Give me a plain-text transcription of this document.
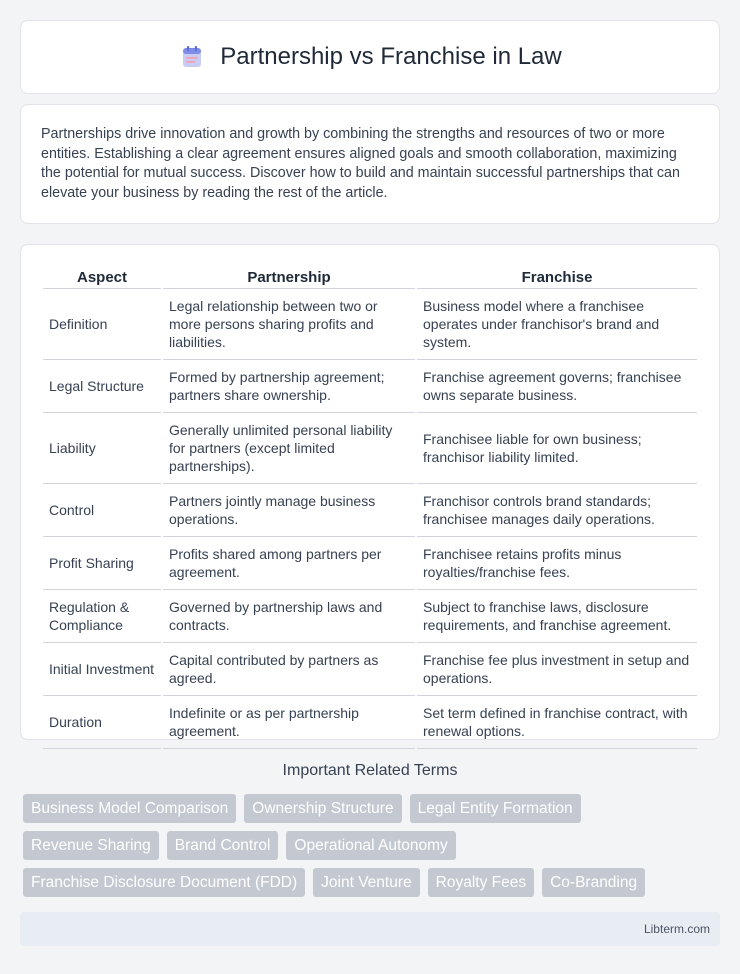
Partnership vs Franchise in Law

Partnerships drive innovation and growth by combining the strengths and resources of two or more entities. Establishing a clear agreement ensures aligned goals and smooth collaboration, maximizing the potential for mutual success. Discover how to build and maintain successful partnerships that can elevate your business by reading the rest of the article.

Aspect	Partnership	Franchise
Definition	Legal relationship between two or more persons sharing profits and liabilities.	Business model where a franchisee operates under franchisor's brand and system.
Legal Structure	Formed by partnership agreement; partners share ownership.	Franchise agreement governs; franchisee owns separate business.
Liability	Generally unlimited personal liability for partners (except limited partnerships).	Franchisee liable for own business; franchisor liability limited.
Control	Partners jointly manage business operations.	Franchisor controls brand standards; franchisee manages daily operations.
Profit Sharing	Profits shared among partners per agreement.	Franchisee retains profits minus royalties/franchise fees.
Regulation & Compliance	Governed by partnership laws and contracts.	Subject to franchise laws, disclosure requirements, and franchise agreement.
Initial Investment	Capital contributed by partners as agreed.	Franchise fee plus investment in setup and operations.
Duration	Indefinite or as per partnership agreement.	Set term defined in franchise contract, with renewal options.
Important Related Terms
Business Model Comparison	Ownership Structure	Legal Entity Formation
Revenue Sharing	Brand Control	Operational Autonomy
Franchise Disclosure Document (FDD)	Joint Venture	Royalty Fees	Co-Branding
Libterm.com
